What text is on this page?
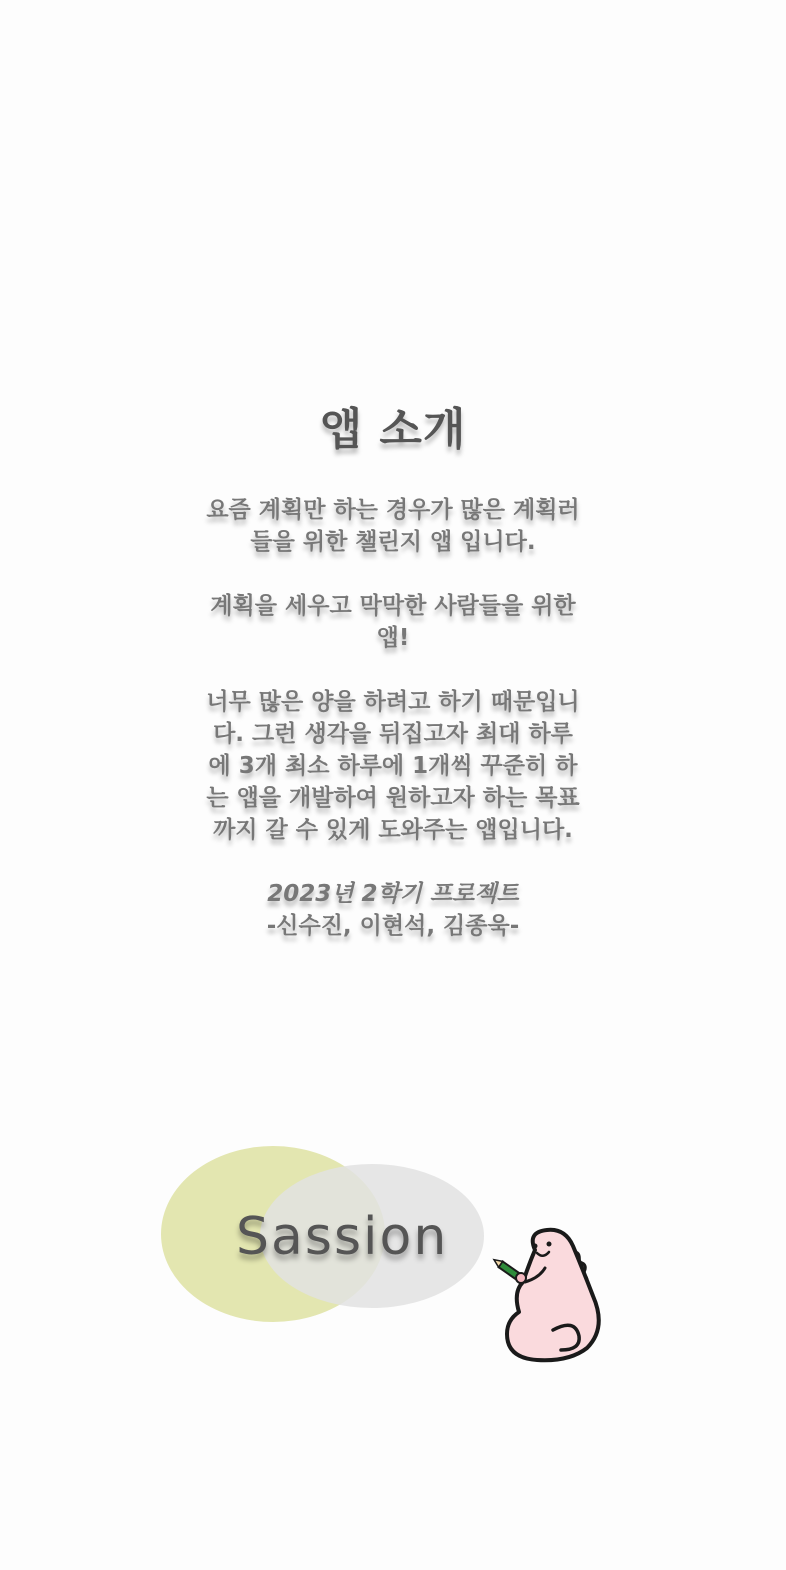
앱 소개
요즘 계획만 하는 경우가 많은 계획러
들을 위한 챌린지 앱 입니다.
계획을 세우고 막막한 사람들을 위한
앱!
너무 많은 양을 하려고 하기 때문입니
다. 그런 생각을 뒤집고자 최대 하루
에 3개 최소 하루에 1개씩 꾸준히 하
는 앱을 개발하여 원하고자 하는 목표
까지 갈 수 있게 도와주는 앱입니다.
2023년 2학기 프로젝트
-신수진, 이현석, 김종욱-
Sassion
